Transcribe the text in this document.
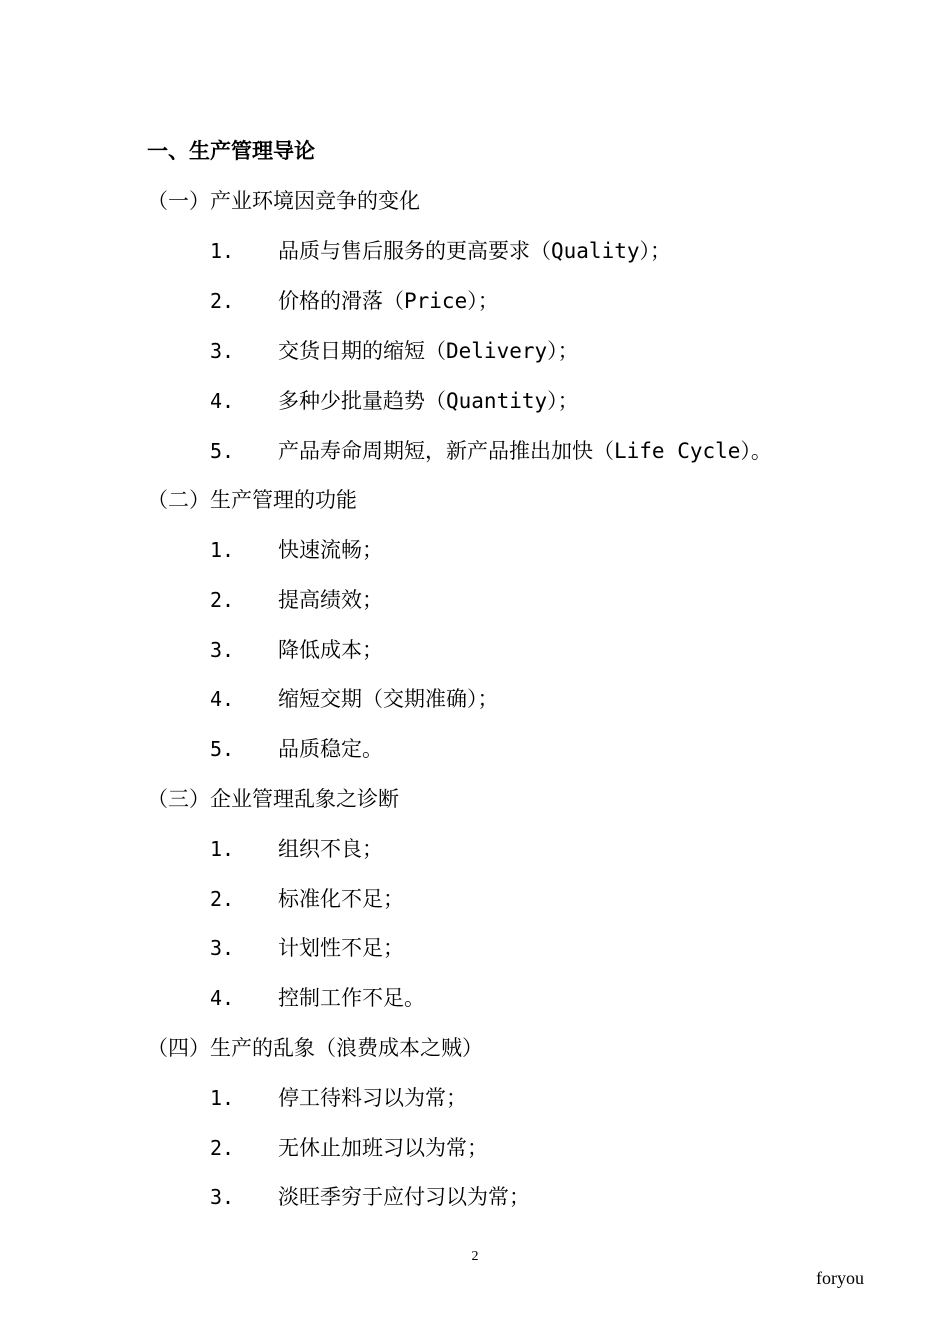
一、生产管理导论
（一）产业环境因竞争的变化
1. 品质与售后服务的更高要求（Quality）；
2. 价格的滑落（Price）；
3. 交货日期的缩短（Delivery）；
4. 多种少批量趋势（Quantity）；
5. 产品寿命周期短，新产品推出加快（Life Cycle）。
（二）生产管理的功能
1. 快速流畅；
2. 提高绩效；
3. 降低成本；
4. 缩短交期（交期准确）；
5. 品质稳定。
（三）企业管理乱象之诊断
1. 组织不良；
2. 标准化不足；
3. 计划性不足；
4. 控制工作不足。
（四）生产的乱象（浪费成本之贼）
1. 停工待料习以为常；
2. 无休止加班习以为常；
3. 淡旺季穷于应付习以为常；
2
foryou
